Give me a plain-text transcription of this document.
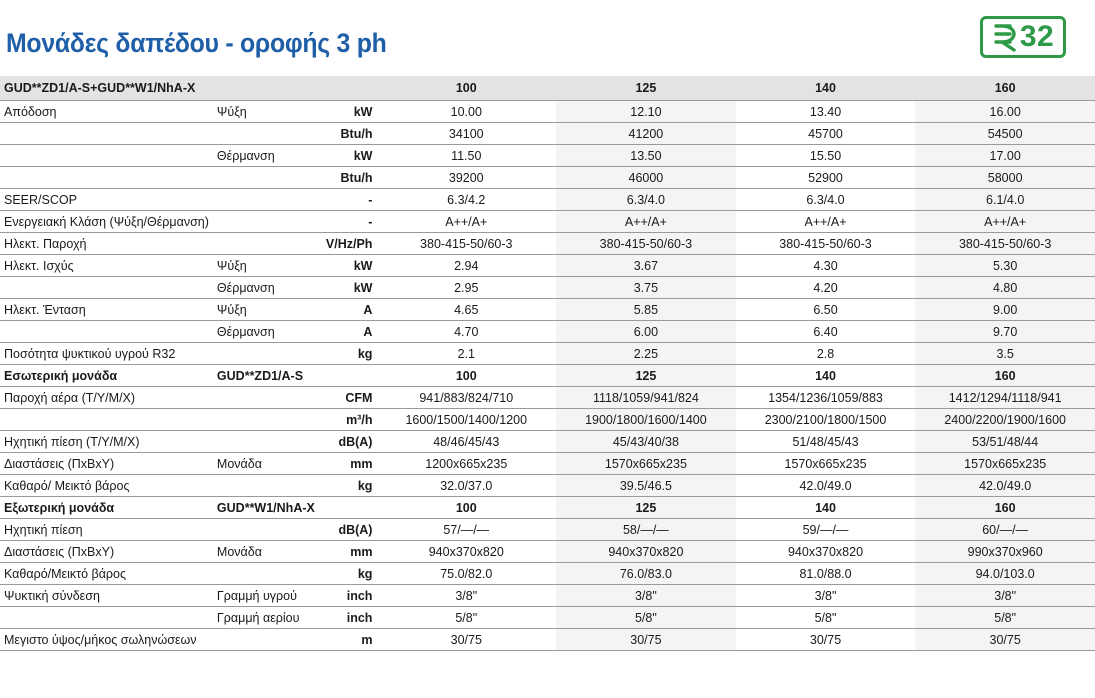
Μονάδες δαπέδου - οροφής 3 ph	32
GUD**ZD1/A-S+GUD**W1/NhA-X			100	125	140	160
Απόδοση	Ψύξη	kW	10.00	12.10	13.40	16.00
		Btu/h	34100	41200	45700	54500
	Θέρμανση	kW	11.50	13.50	15.50	17.00
		Btu/h	39200	46000	52900	58000
SEER/SCOP		-	6.3/4.2	6.3/4.0	6.3/4.0	6.1/4.0
Ενεργειακή Κλάση (Ψύξη/Θέρμανση)		-	A++/A+	A++/A+	A++/A+	A++/A+
Ηλεκτ. Παροχή		V/Hz/Ph	380-415-50/60-3	380-415-50/60-3	380-415-50/60-3	380-415-50/60-3
Ηλεκτ. Ισχύς	Ψύξη	kW	2.94	3.67	4.30	5.30
	Θέρμανση	kW	2.95	3.75	4.20	4.80
Ηλεκτ. Ένταση	Ψύξη	A	4.65	5.85	6.50	9.00
	Θέρμανση	A	4.70	6.00	6.40	9.70
Ποσότητα ψυκτικού υγρού R32		kg	2.1	2.25	2.8	3.5
Εσωτερική μονάδα	GUD**ZD1/A-S		100	125	140	160
Παροχή αέρα (Τ/Υ/Μ/Χ)		CFM	941/883/824/710	1118/1059/941/824	1354/1236/1059/883	1412/1294/1118/941
		m³/h	1600/1500/1400/1200	1900/1800/1600/1400	2300/2100/1800/1500	2400/2200/1900/1600
Ηχητική πίεση (Τ/Υ/Μ/Χ)		dB(A)	48/46/45/43	45/43/40/38	51/48/45/43	53/51/48/44
Διαστάσεις (ΠxΒxΥ)	Μονάδα	mm	1200x665x235	1570x665x235	1570x665x235	1570x665x235
Καθαρό/ Μεικτό βάρος		kg	32.0/37.0	39.5/46.5	42.0/49.0	42.0/49.0
Εξωτερική μονάδα	GUD**W1/NhA-X		100	125	140	160
Ηχητική πίεση		dB(A)	57/—/—	58/—/—	59/—/—	60/—/—
Διαστάσεις (ΠxΒxΥ)	Μονάδα	mm	940x370x820	940x370x820	940x370x820	990x370x960
Καθαρό/Μεικτό βάρος		kg	75.0/82.0	76.0/83.0	81.0/88.0	94.0/103.0
Ψυκτική σύνδεση	Γραμμή υγρού	inch	3/8"	3/8"	3/8"	3/8"
	Γραμμή αερίου	inch	5/8"	5/8"	5/8"	5/8"
Μεγιστο ύψος/μήκος σωληνώσεων		m	30/75	30/75	30/75	30/75
